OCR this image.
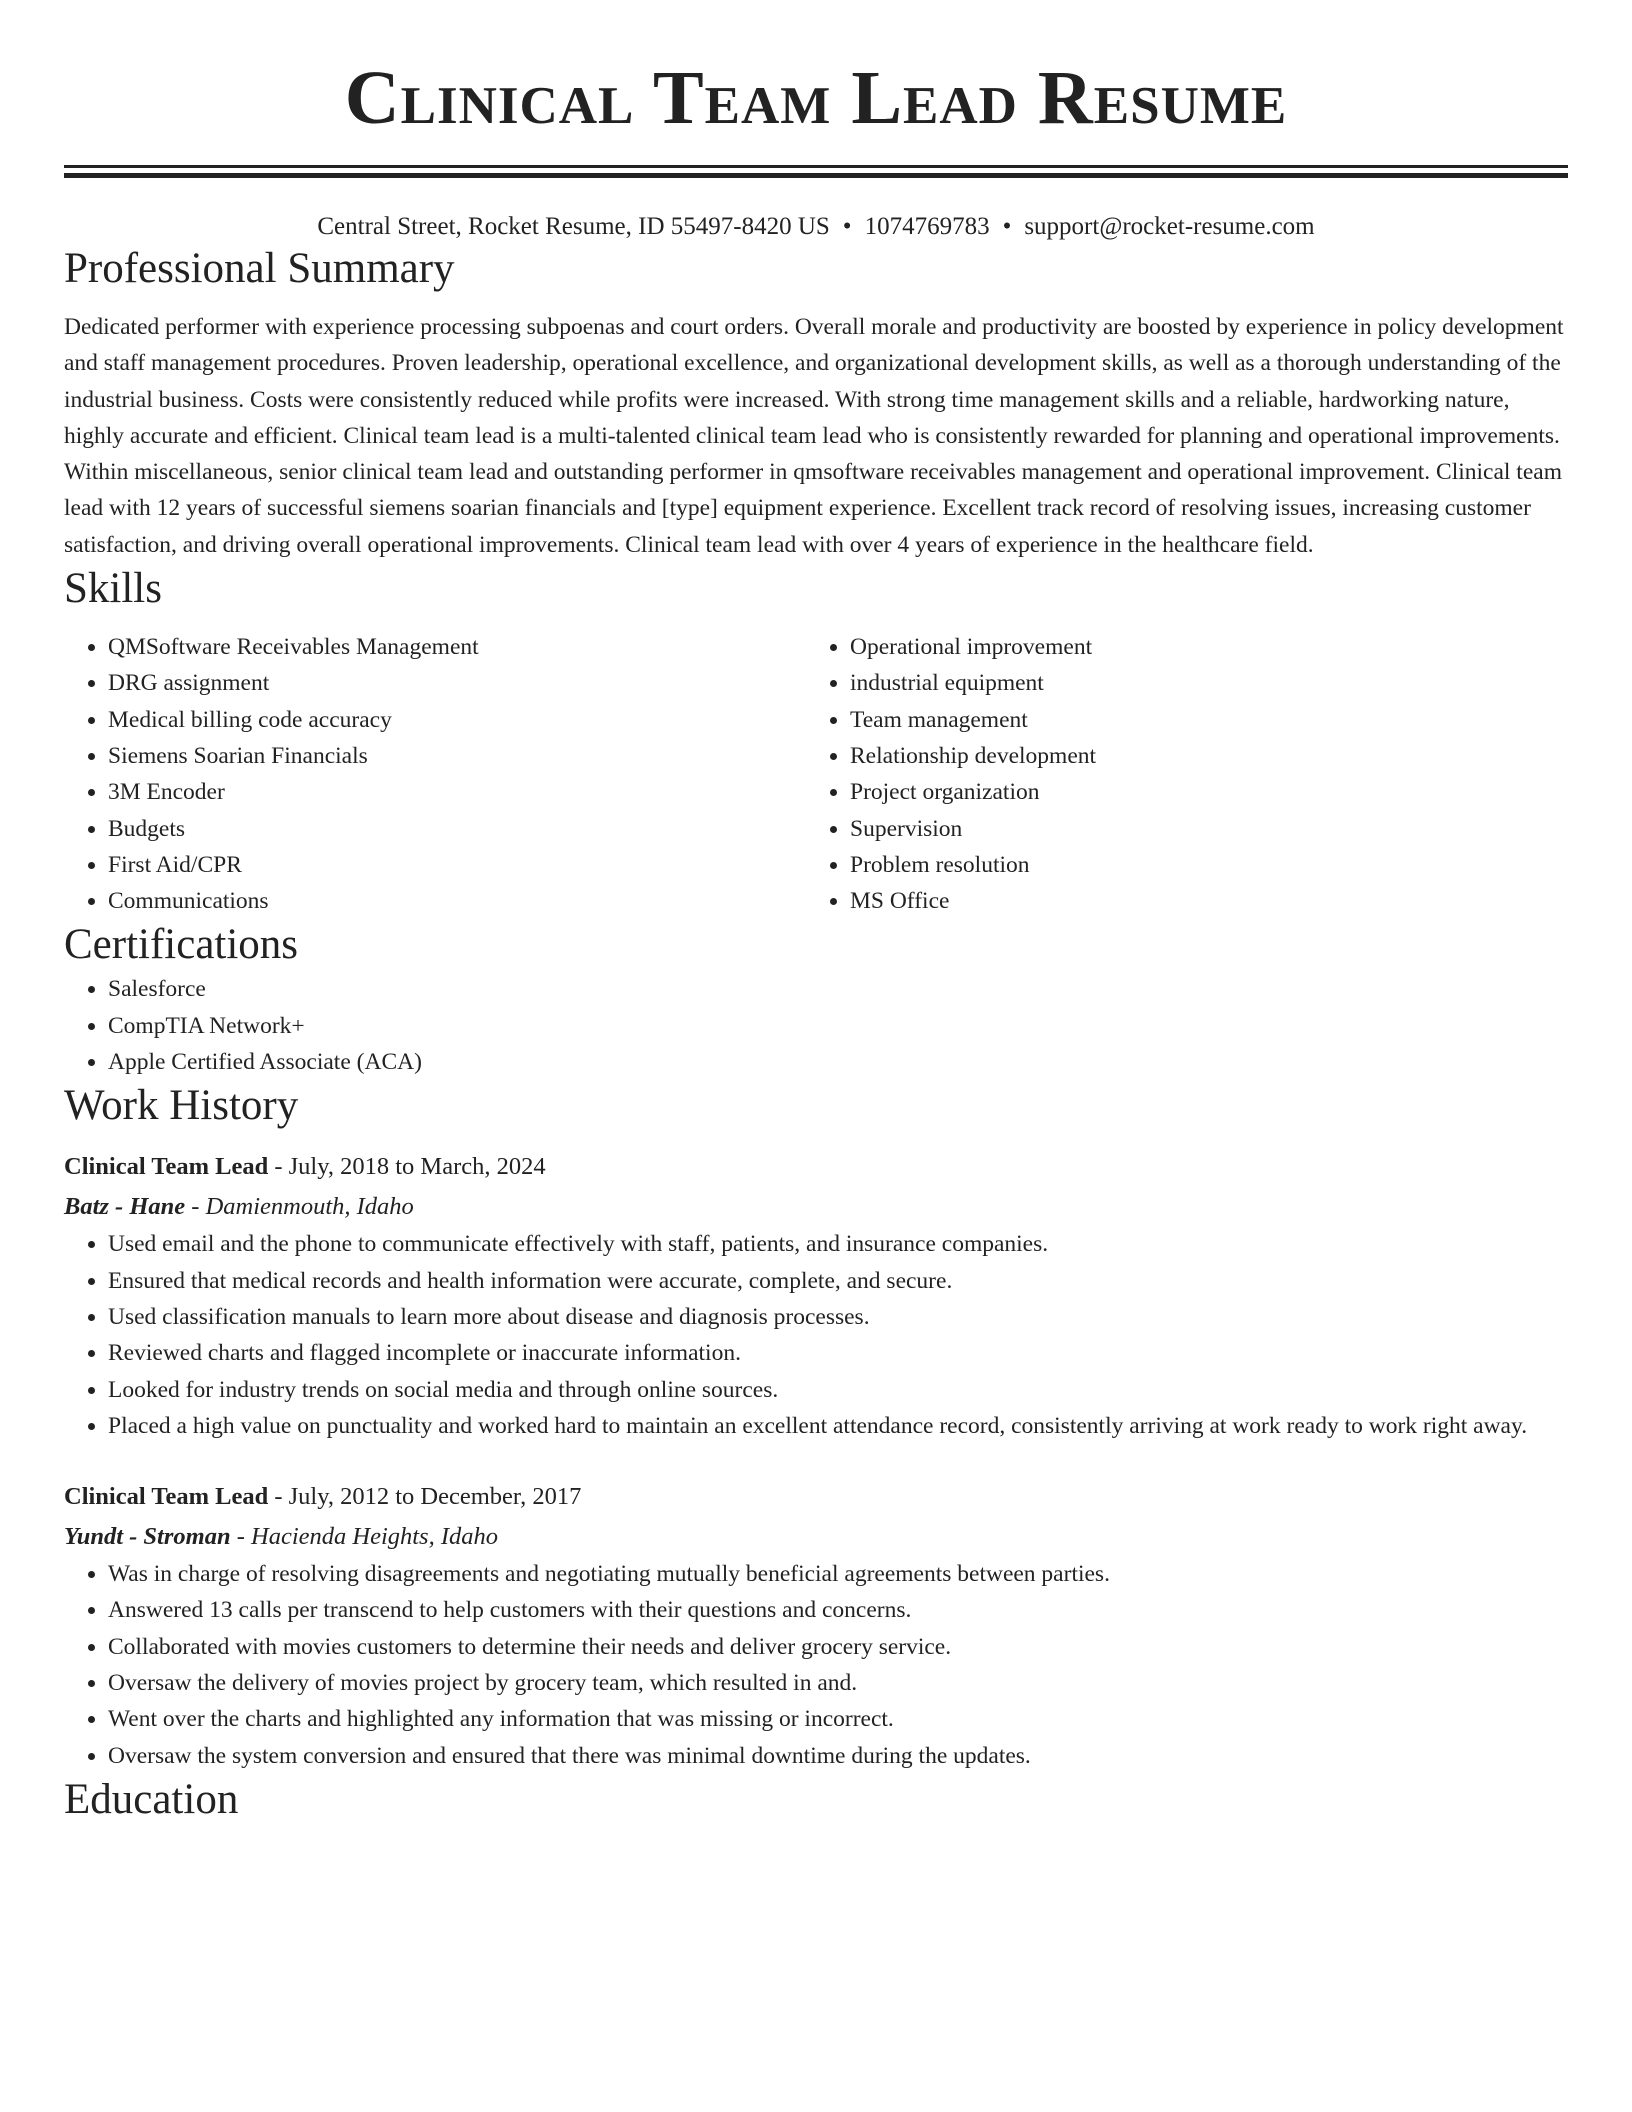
Clinical Team Lead Resume
Central Street, Rocket Resume, ID 55497-8420 US • 1074769783 • support@rocket-resume.com
Professional Summary

Dedicated performer with experience processing subpoenas and court orders. Overall morale and productivity are boosted by experience in policy development and staff management procedures. Proven leadership, operational excellence, and organizational development skills, as well as a thorough understanding of the industrial business. Costs were consistently reduced while profits were increased. With strong time management skills and a reliable, hardworking nature, highly accurate and efficient. Clinical team lead is a multi-talented clinical team lead who is consistently rewarded for planning and operational improvements. Within miscellaneous, senior clinical team lead and outstanding performer in qmsoftware receivables management and operational improvement. Clinical team lead with 12 years of successful siemens soarian financials and [type] equipment experience. Excellent track record of resolving issues, increasing customer satisfaction, and driving overall operational improvements. Clinical team lead with over 4 years of experience in the healthcare field.

Skills
• QMSoftware Receivables Management
• DRG assignment
• Medical billing code accuracy
• Siemens Soarian Financials
• 3M Encoder
• Budgets
• First Aid/CPR
• Communications
• Operational improvement
• industrial equipment
• Team management
• Relationship development
• Project organization
• Supervision
• Problem resolution
• MS Office
Certifications
• Salesforce
• CompTIA Network+
• Apple Certified Associate (ACA)
Work History
Clinical Team Lead - July, 2018 to March, 2024
Batz - Hane - Damienmouth, Idaho
• Used email and the phone to communicate effectively with staff, patients, and insurance companies.
• Ensured that medical records and health information were accurate, complete, and secure.
• Used classification manuals to learn more about disease and diagnosis processes.
• Reviewed charts and flagged incomplete or inaccurate information.
• Looked for industry trends on social media and through online sources.
• Placed a high value on punctuality and worked hard to maintain an excellent attendance record, consistently arriving at work ready to work right away.
Clinical Team Lead - July, 2012 to December, 2017
Yundt - Stroman - Hacienda Heights, Idaho
• Was in charge of resolving disagreements and negotiating mutually beneficial agreements between parties.
• Answered 13 calls per transcend to help customers with their questions and concerns.
• Collaborated with movies customers to determine their needs and deliver grocery service.
• Oversaw the delivery of movies project by grocery team, which resulted in and.
• Went over the charts and highlighted any information that was missing or incorrect.
• Oversaw the system conversion and ensured that there was minimal downtime during the updates.
Education
